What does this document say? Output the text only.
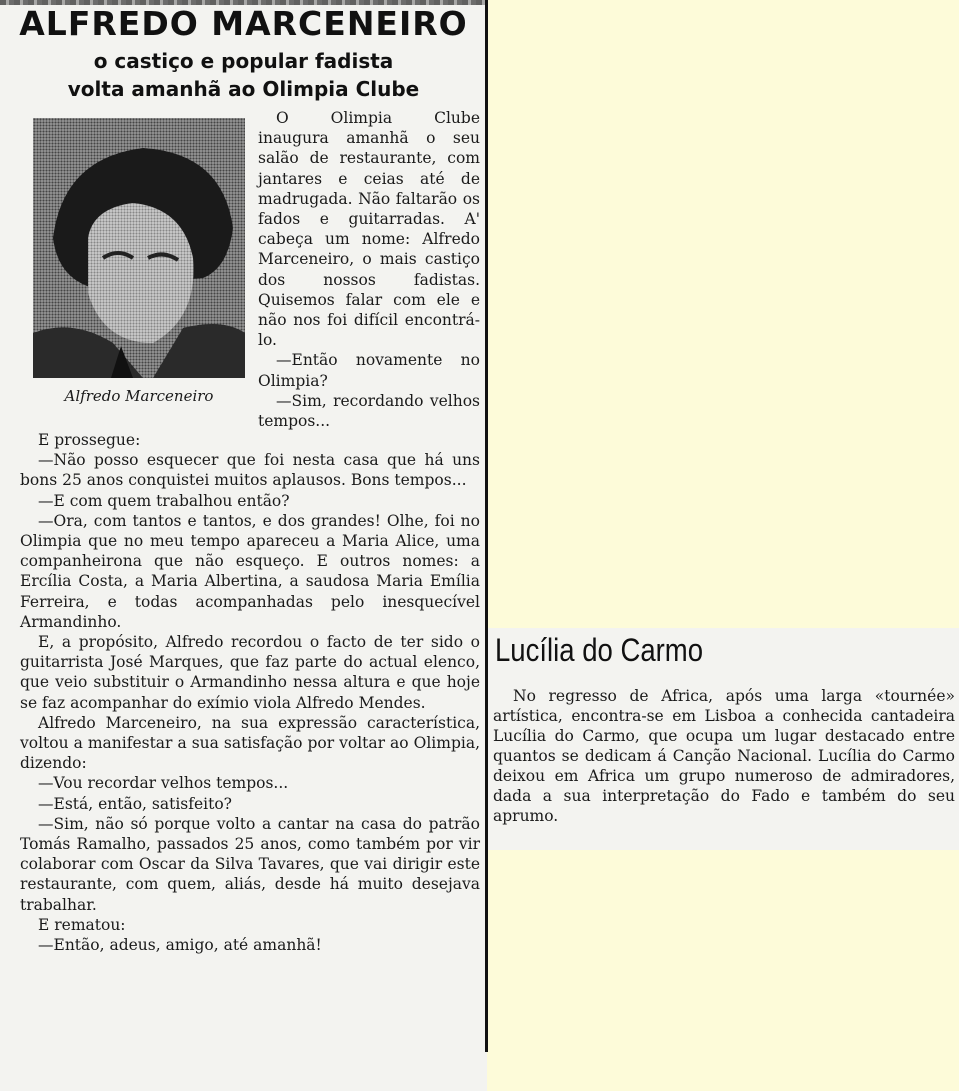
ALFREDO MARCENEIRO
o castiço e popular fadista
volta amanhã ao Olimpia Clube
Alfredo Marceneiro

O Olimpia Clube inaugura amanhã o seu salão de restaurante, com jantares e ceias até de madrugada. Não faltarão os fados e guitarradas. A' cabeça um nome: Alfredo Marceneiro, o mais castiço dos nossos fadistas. Quisemos falar com ele e não nos foi difícil encontrá-lo.

—Então novamente no Olimpia?

—Sim, recordando velhos tempos...

E prossegue:

—Não posso esquecer que foi nesta casa que há uns bons 25 anos conquistei muitos aplausos. Bons tempos...

—E com quem trabalhou então?

—Ora, com tantos e tantos, e dos grandes! Olhe, foi no Olimpia que no meu tempo apareceu a Maria Alice, uma companheirona que não esqueço. E outros nomes: a Ercília Costa, a Maria Albertina, a saudosa Maria Emília Ferreira, e todas acompanhadas pelo inesquecível Armandinho.

E, a propósito, Alfredo recordou o facto de ter sido o guitarrista José Marques, que faz parte do actual elenco, que veio substituir o Armandinho nessa altura e que hoje se faz acompanhar do exímio viola Alfredo Mendes.

Alfredo Marceneiro, na sua expressão característica, voltou a manifestar a sua satisfação por voltar ao Olimpia, dizendo:

—Vou recordar velhos tempos...

—Está, então, satisfeito?

—Sim, não só porque volto a cantar na casa do patrão Tomás Ramalho, passados 25 anos, como também por vir colaborar com Oscar da Silva Tavares, que vai dirigir este restaurante, com quem, aliás, desde há muito desejava trabalhar.

E rematou:

—Então, adeus, amigo, até amanhã!

Lucília do Carmo

No regresso de Africa, após uma larga «tournée» artística, encontra-se em Lisboa a conhecida cantadeira Lucília do Carmo, que ocupa um lugar destacado entre quantos se dedicam á Canção Nacional. Lucília do Carmo deixou em Africa um grupo numeroso de admiradores, dada a sua interpretação do Fado e também do seu aprumo.
